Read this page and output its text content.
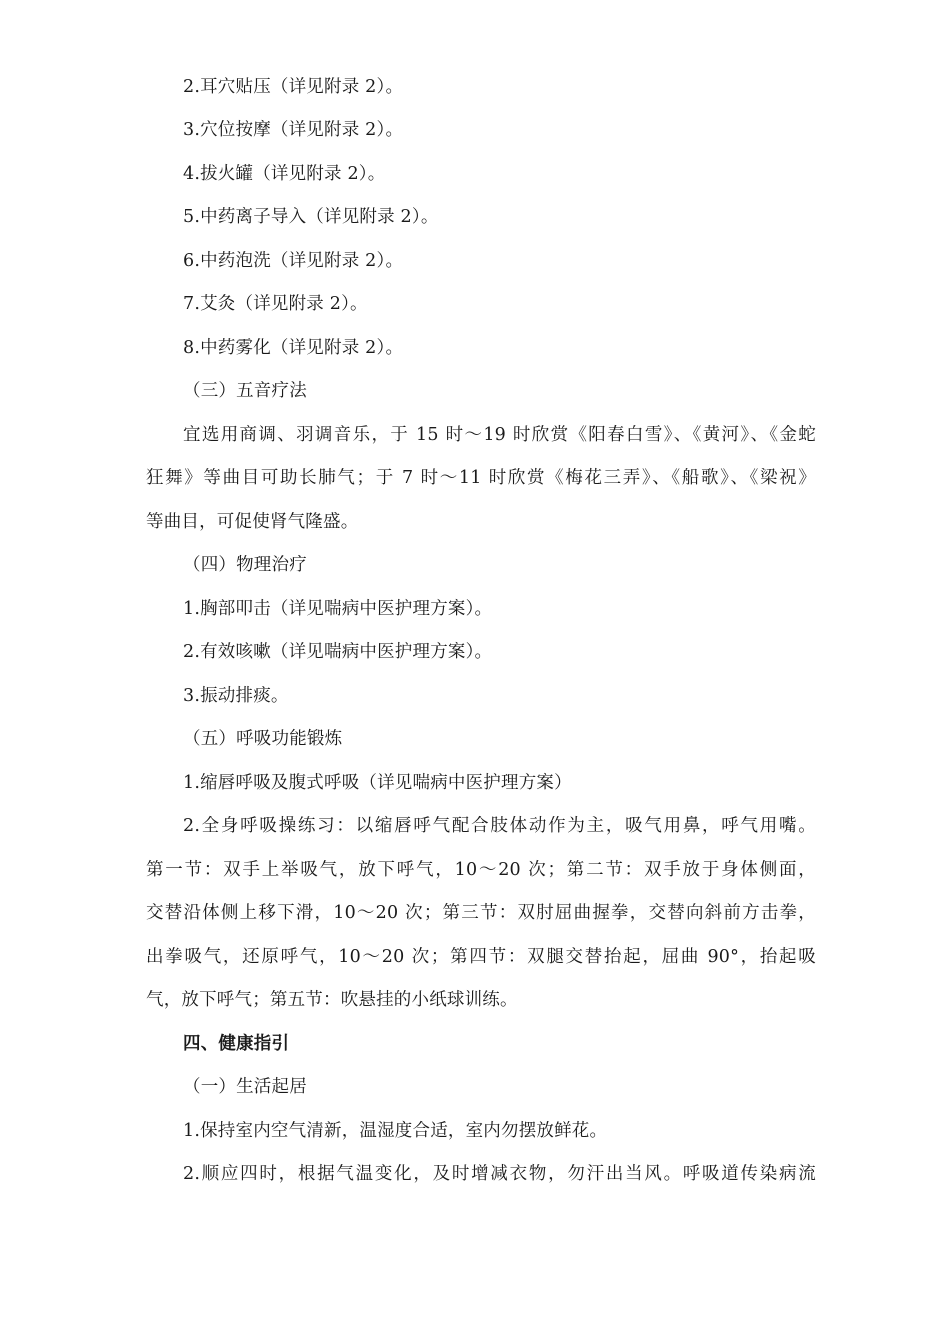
2.耳穴贴压（详见附录 2）。
3.穴位按摩（详见附录 2）。
4.拔火罐（详见附录 2）。
5.中药离子导入（详见附录 2）。
6.中药泡洗（详见附录 2）。
7.艾灸（详见附录 2）。
8.中药雾化（详见附录 2）。
（三）五音疗法
宜选用商调、羽调音乐，于 15 时～19 时欣赏《阳春白雪》、《黄河》、《金蛇
狂舞》等曲目可助长肺气；于 7 时～11 时欣赏《梅花三弄》、《船歌》、《梁祝》
等曲目，可促使肾气隆盛。
（四）物理治疗
1.胸部叩击（详见喘病中医护理方案）。
2.有效咳嗽（详见喘病中医护理方案）。
3.振动排痰。
（五）呼吸功能锻炼
1.缩唇呼吸及腹式呼吸（详见喘病中医护理方案）
2.全身呼吸操练习：以缩唇呼气配合肢体动作为主，吸气用鼻，呼气用嘴。
第一节：双手上举吸气，放下呼气，10～20 次；第二节：双手放于身体侧面，
交替沿体侧上移下滑，10～20 次；第三节：双肘屈曲握拳，交替向斜前方击拳，
出拳吸气，还原呼气，10～20 次；第四节：双腿交替抬起，屈曲 90°，抬起吸
气，放下呼气；第五节：吹悬挂的小纸球训练。
四、健康指引
（一）生活起居
1.保持室内空气清新，温湿度合适，室内勿摆放鲜花。
2.顺应四时，根据气温变化，及时增减衣物，勿汗出当风。呼吸道传染病流
